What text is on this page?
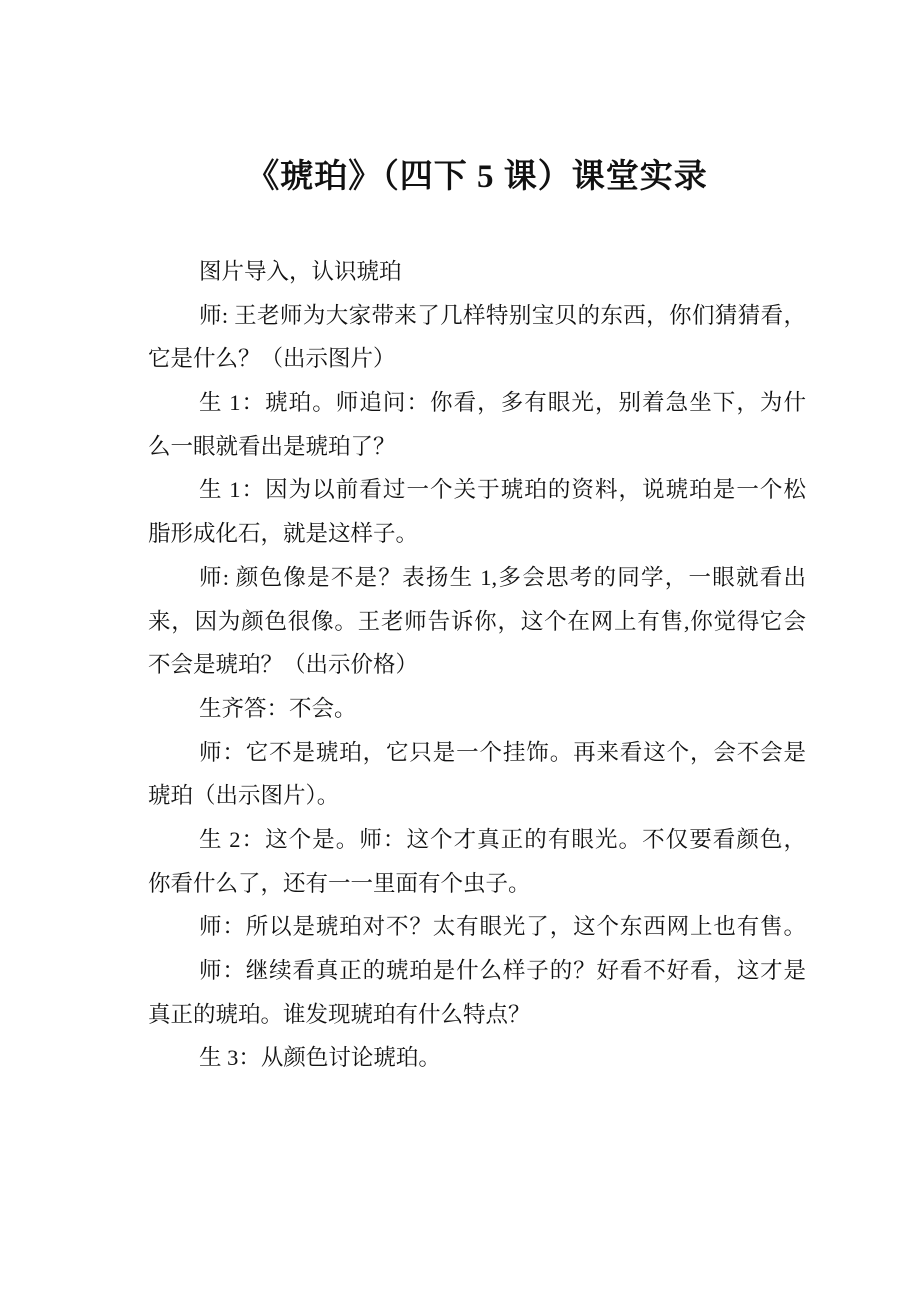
《琥珀》（四下 5 课）课堂实录
图片导入，认识琥珀
师: 王老师为大家带来了几样特别宝贝的东西，你们猜猜看，
它是什么？（出示图片）
生 1：琥珀。师追问：你看，多有眼光，别着急坐下，为什
么一眼就看出是琥珀了？
生 1：因为以前看过一个关于琥珀的资料，说琥珀是一个松
脂形成化石，就是这样子。
师: 颜色像是不是？表扬生 1,多会思考的同学，一眼就看出
来，因为颜色很像。王老师告诉你，这个在网上有售,你觉得它会
不会是琥珀？（出示价格）
生齐答：不会。
师：它不是琥珀，它只是一个挂饰。再来看这个，会不会是
琥珀（出示图片）。
生 2：这个是。师：这个才真正的有眼光。不仅要看颜色，
你看什么了，还有一一里面有个虫子。
师：所以是琥珀对不？太有眼光了，这个东西网上也有售。
师：继续看真正的琥珀是什么样子的？好看不好看，这才是
真正的琥珀。谁发现琥珀有什么特点？
生 3：从颜色讨论琥珀。
